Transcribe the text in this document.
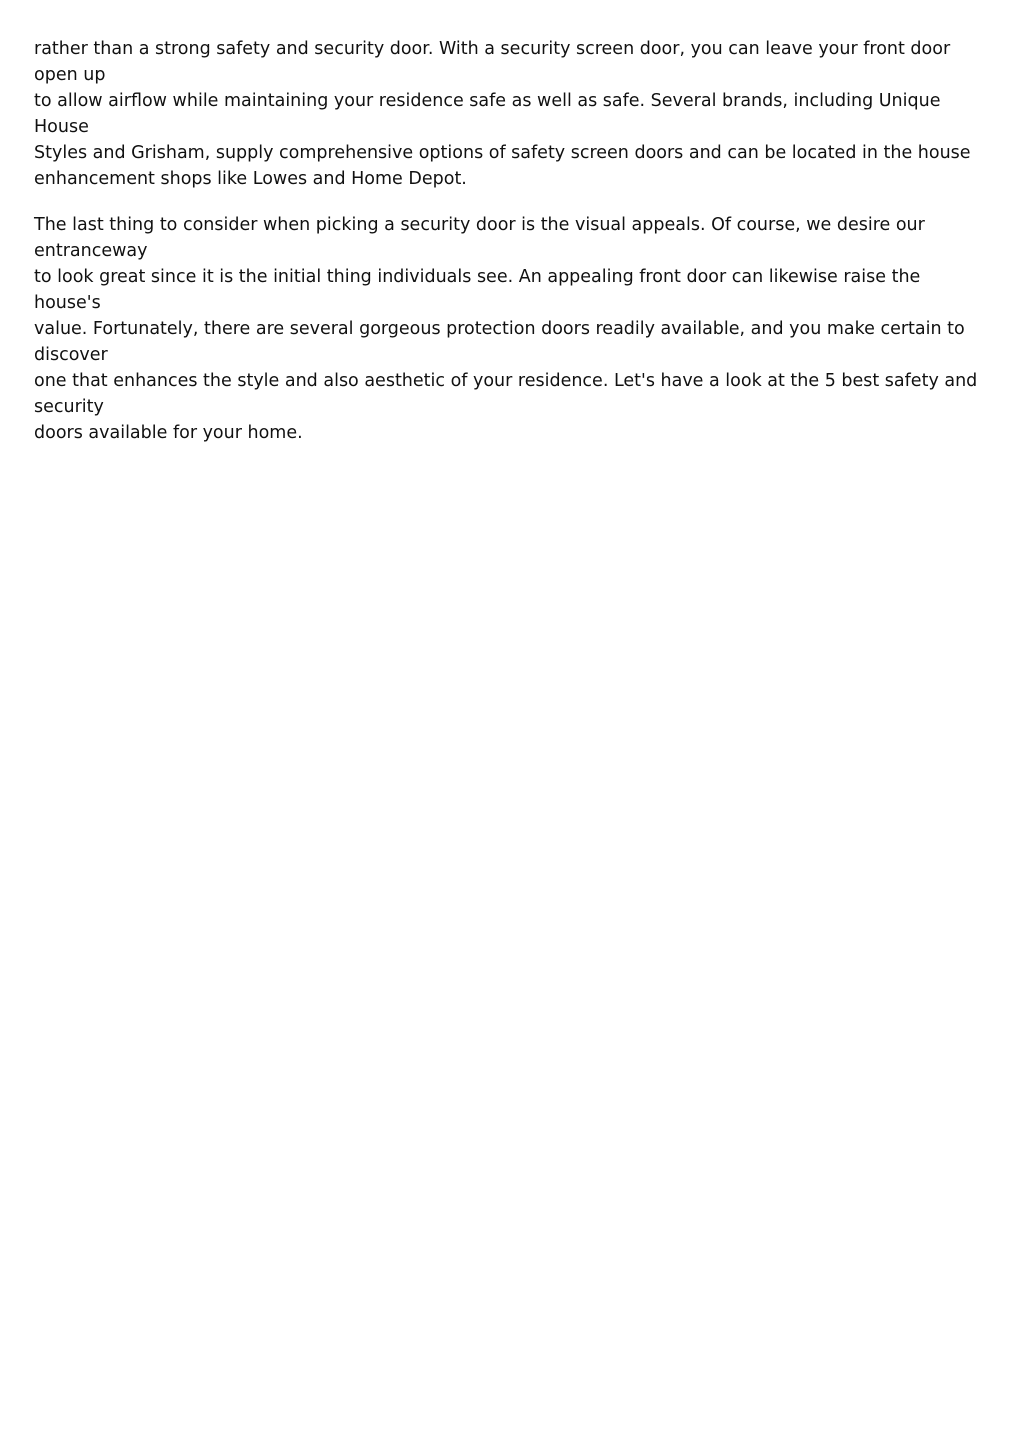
rather than a strong safety and security door. With a security screen door, you can leave your front door open up
to allow airflow while maintaining your residence safe as well as safe. Several brands, including Unique House
Styles and Grisham, supply comprehensive options of safety screen doors and can be located in the house
enhancement shops like Lowes and Home Depot.

The last thing to consider when picking a security door is the visual appeals. Of course, we desire our entranceway
to look great since it is the initial thing individuals see. An appealing front door can likewise raise the house's
value. Fortunately, there are several gorgeous protection doors readily available, and you make certain to discover
one that enhances the style and also aesthetic of your residence. Let's have a look at the 5 best safety and security
doors available for your home.
